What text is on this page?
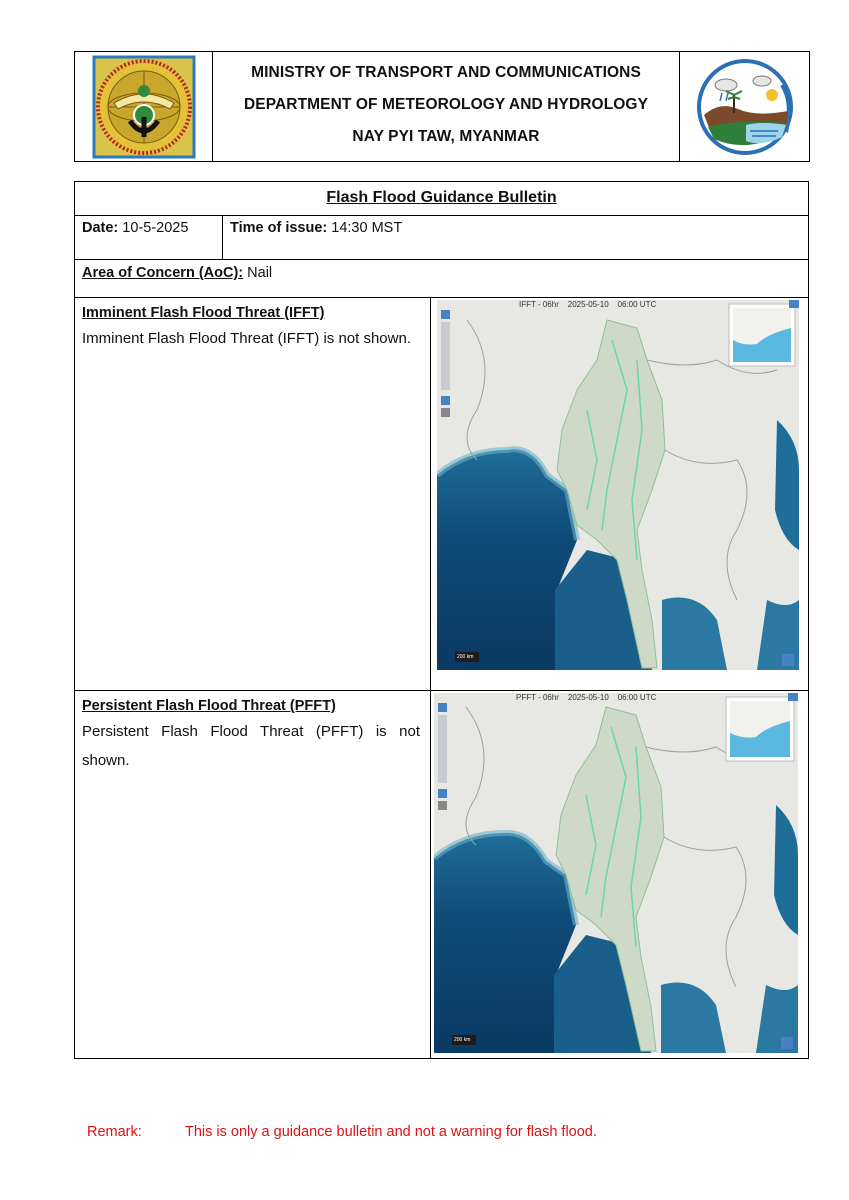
MINISTRY OF TRANSPORT AND COMMUNICATIONS
DEPARTMENT OF METEOROLOGY AND HYDROLOGY
NAY PYI TAW, MYANMAR
Flash Flood Guidance Bulletin
Date: 10-5-2025	Time of issue: 14:30 MST
Area of Concern (AoC): Nail
Imminent Flash Flood Threat (IFFT)
Imminent Flash Flood Threat (IFFT) is not shown.
IFFT - 06hr 2025-05-10 06:00 UTC
200 km
Persistent Flash Flood Threat (PFFT)
Persistent Flash Flood Threat (PFFT) is not shown.
PFFT - 06hr 2025-05-10 06:00 UTC
200 km
Remark:	This is only a guidance bulletin and not a warning for flash flood.
